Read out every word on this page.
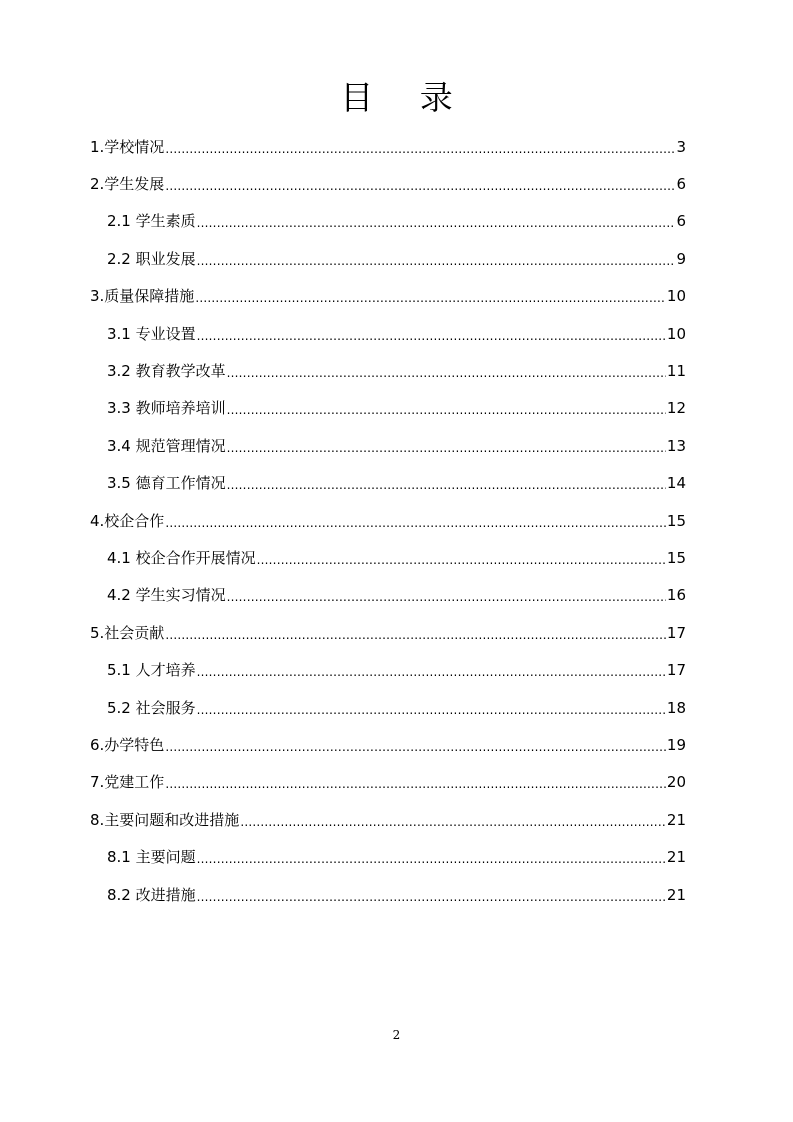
目 录
1.学校情况 .....	3
2.学生发展 .....	6
2.1 学生素质 .....	6
2.2 职业发展 .....	9
3.质量保障措施 .....	10
3.1 专业设置 .....	10
3.2 教育教学改革 .....	11
3.3 教师培养培训 .....	12
3.4 规范管理情况 .....	13
3.5 德育工作情况 .....	14
4.校企合作 .....	15
4.1 校企合作开展情况 .....	15
4.2 学生实习情况 .....	16
5.社会贡献 .....	17
5.1 人才培养 .....	17
5.2 社会服务 .....	18
6.办学特色 .....	19
7.党建工作 .....	20
8.主要问题和改进措施 .....	21
8.1 主要问题 .....	21
8.2 改进措施 .....	21
2
